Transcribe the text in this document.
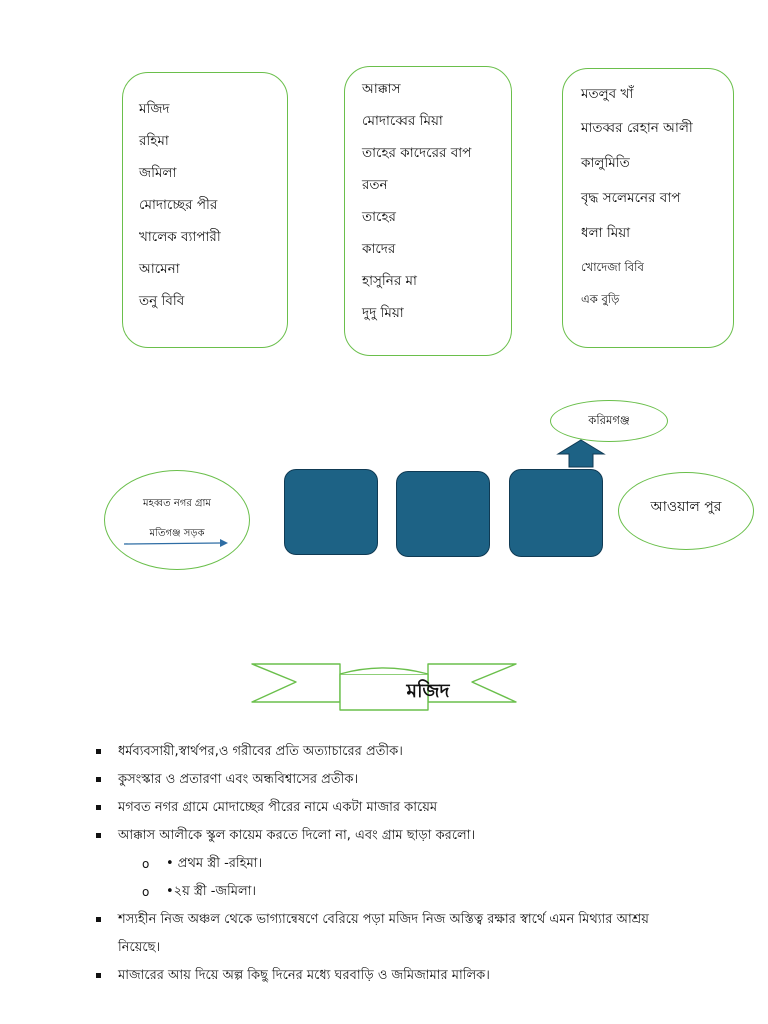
মজিদ
রহিমা
জমিলা
মোদাচ্ছের পীর
খালেক ব্যাপারী
আমেনা
তনু বিবি
আক্কাস
মোদাব্বের মিয়া
তাহের কাদেরের বাপ
রতন
তাহের
কাদের
হাসুনির মা
দুদু মিয়া
মতলুব খাঁ
মাতব্বর রেহান আলী
কালুমিতি
বৃদ্ধ সলেমনের বাপ
ধলা মিয়া
খোদেজা বিবি
এক বুড়ি
মহব্বত নগর গ্রাম
মতিগঞ্জ সড়ক
করিমগঞ্জ
আওয়াল পুর
মজিদ
ধর্মব্যবসায়ী,স্বার্থপর,ও গরীবের প্রতি অত্যাচারের প্রতীক।
কুসংস্কার ও প্রতারণা এবং অন্ধবিশ্বাসের প্রতীক।
মগবত নগর গ্রামে মোদাচ্ছের পীরের নামে একটা মাজার কায়েম
আক্কাস আলীকে স্কুল কায়েম করতে দিলো না, এবং গ্রাম ছাড়া করলো।
o • প্রথম স্ত্রী -রহিমা।
o •২য় স্ত্রী -জমিলা।
শস্যহীন নিজ অঞ্চল থেকে ভাগ্যান্বেষণে বেরিয়ে পড়া মজিদ নিজ অস্তিত্ব রক্ষার স্বার্থে এমন মিথ্যার আশ্রয়
নিয়েছে।
মাজারের আয় দিয়ে অল্প কিছু দিনের মধ্যে ঘরবাড়ি ও জমিজামার মালিক।
